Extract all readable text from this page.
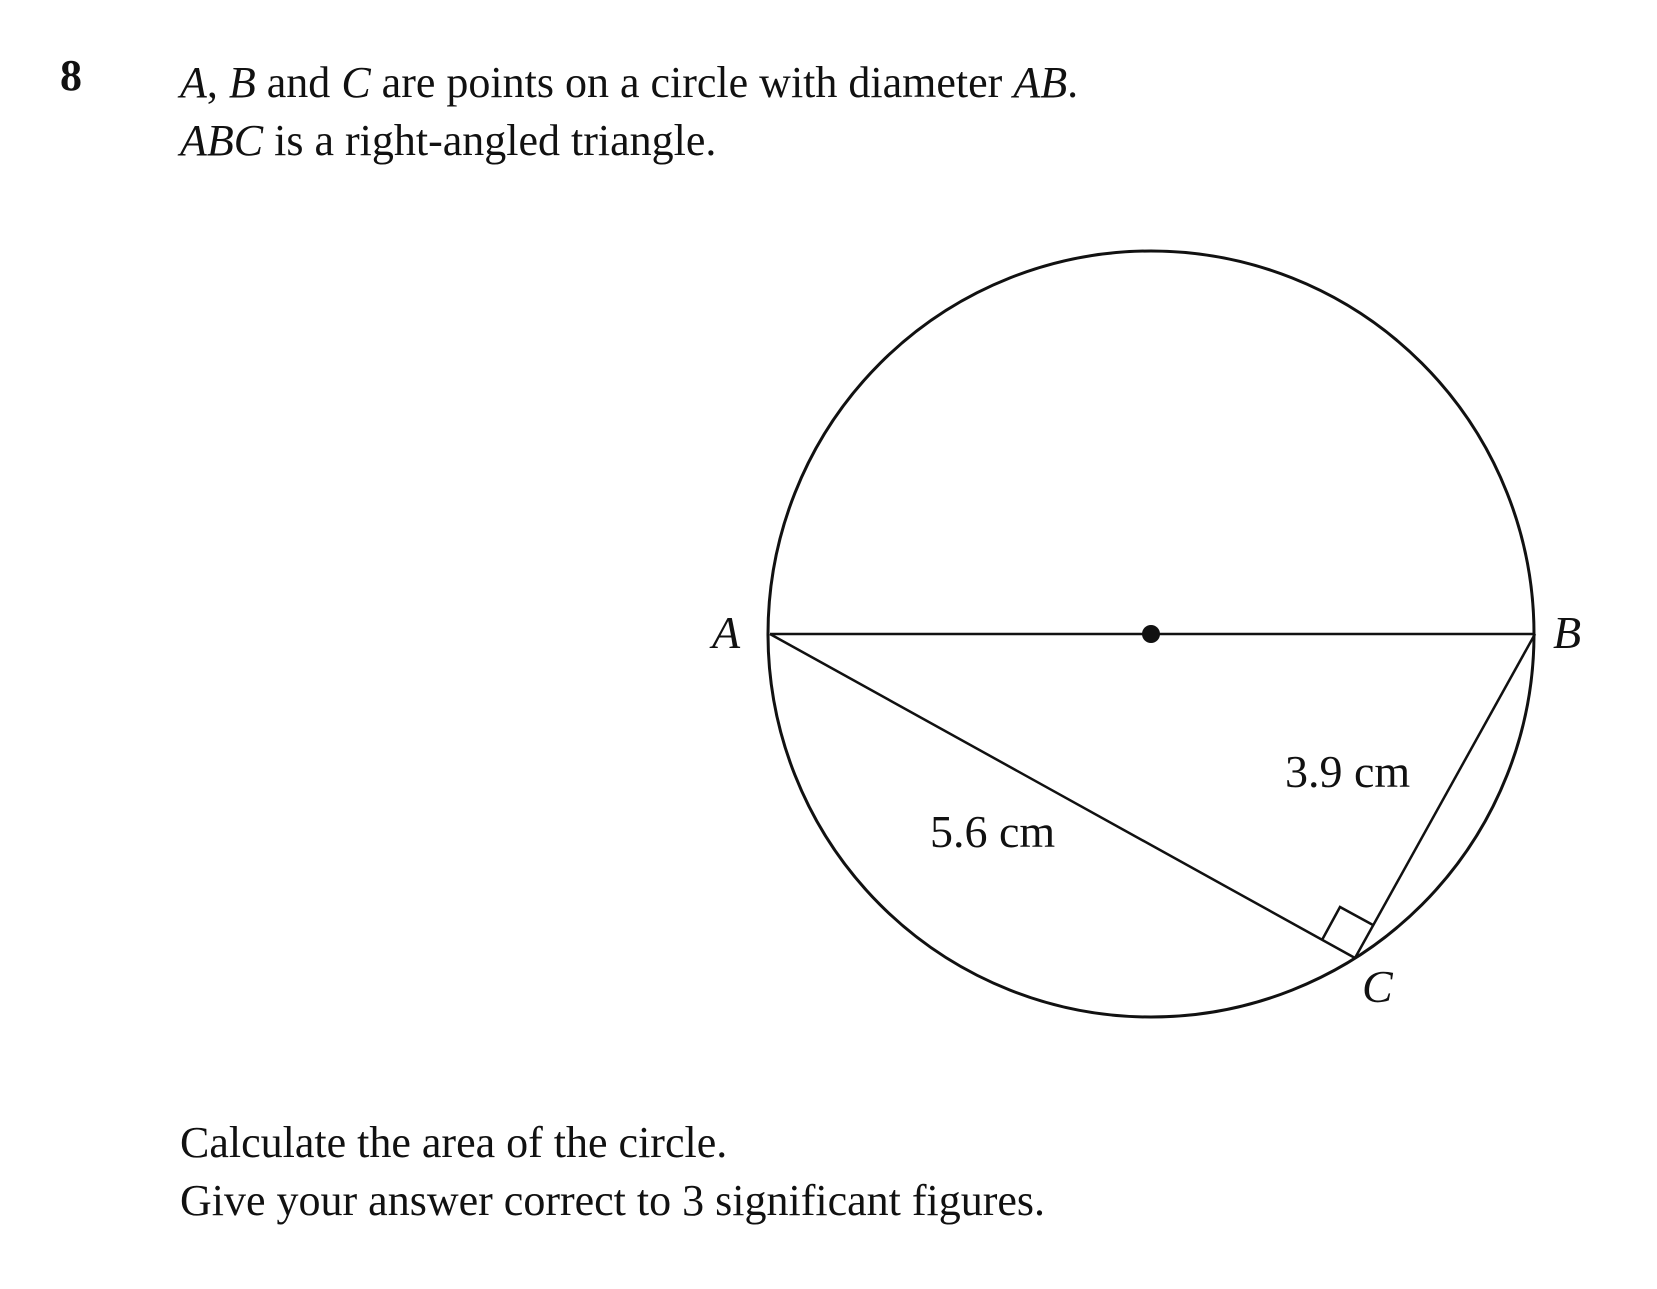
8 A, B and C are points on a circle with diameter AB.
ABC is a right-angled triangle.
A	B
C
5.6 cm
3.9 cm
Calculate the area of the circle.
Give your answer correct to 3 significant figures.
